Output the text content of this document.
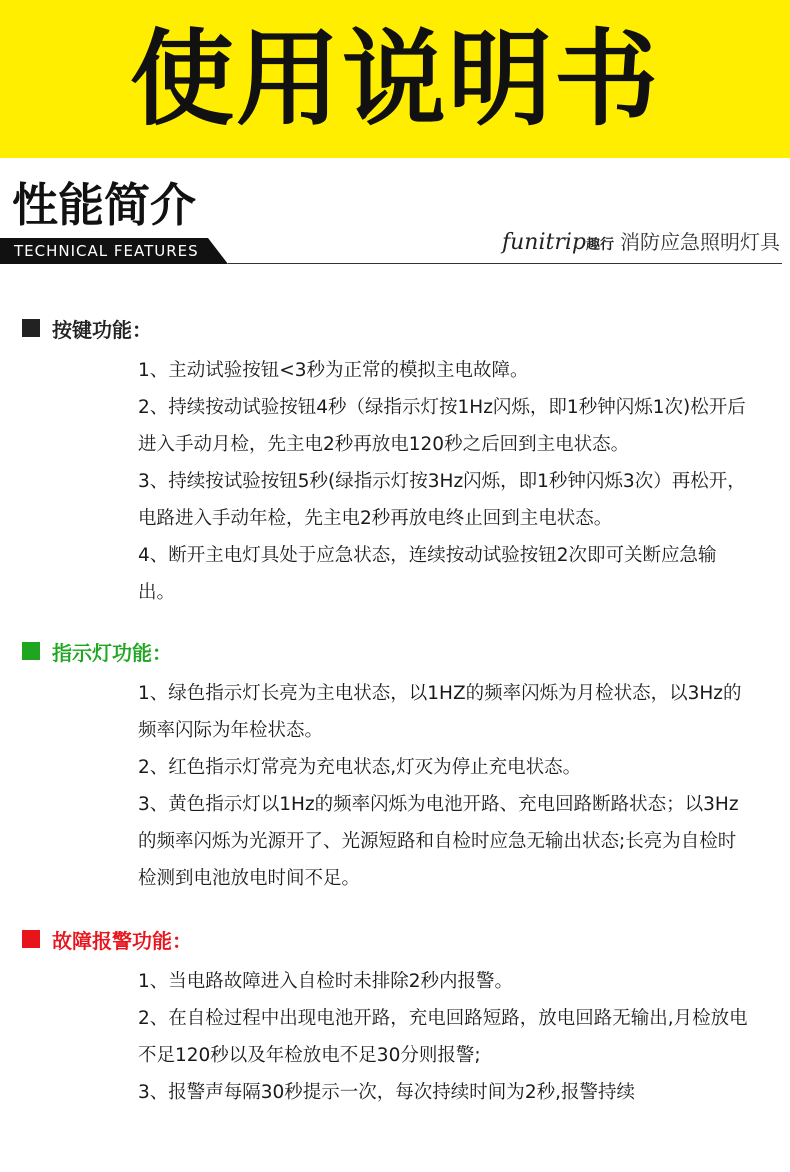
使用说明书
性能简介
TECHNICAL FEATURES	funitrip 趣行 消防应急照明灯具
按键功能：

1、主动试验按钮<3秒为正常的模拟主电故障。

2、持续按动试验按钮4秒（绿指示灯按1Hz闪烁，即1秒钟闪烁1次)松开后进入手动月检，先主电2秒再放电120秒之后回到主电状态。

3、持续按试验按钮5秒(绿指示灯按3Hz闪烁，即1秒钟闪烁3次）再松开，电路进入手动年检，先主电2秒再放电终止回到主电状态。

4、断开主电灯具处于应急状态，连续按动试验按钮2次即可关断应急输出。

指示灯功能：

1、绿色指示灯长亮为主电状态，以1HZ的频率闪烁为月检状态，以3Hz的频率闪际为年检状态。

2、红色指示灯常亮为充电状态,灯灭为停止充电状态。

3、黄色指示灯以1Hz的频率闪烁为电池开路、充电回路断路状态；以3Hz的频率闪烁为光源开了、光源短路和自检时应急无输出状态;长亮为自检时检测到电池放电时间不足。

故障报警功能：

1、当电路故障进入自检时未排除2秒内报警。

2、在自检过程中出现电池开路，充电回路短路，放电回路无输出,月检放电不足120秒以及年检放电不足30分则报警;

3、报警声每隔30秒提示一次，每次持续时间为2秒,报警持续
